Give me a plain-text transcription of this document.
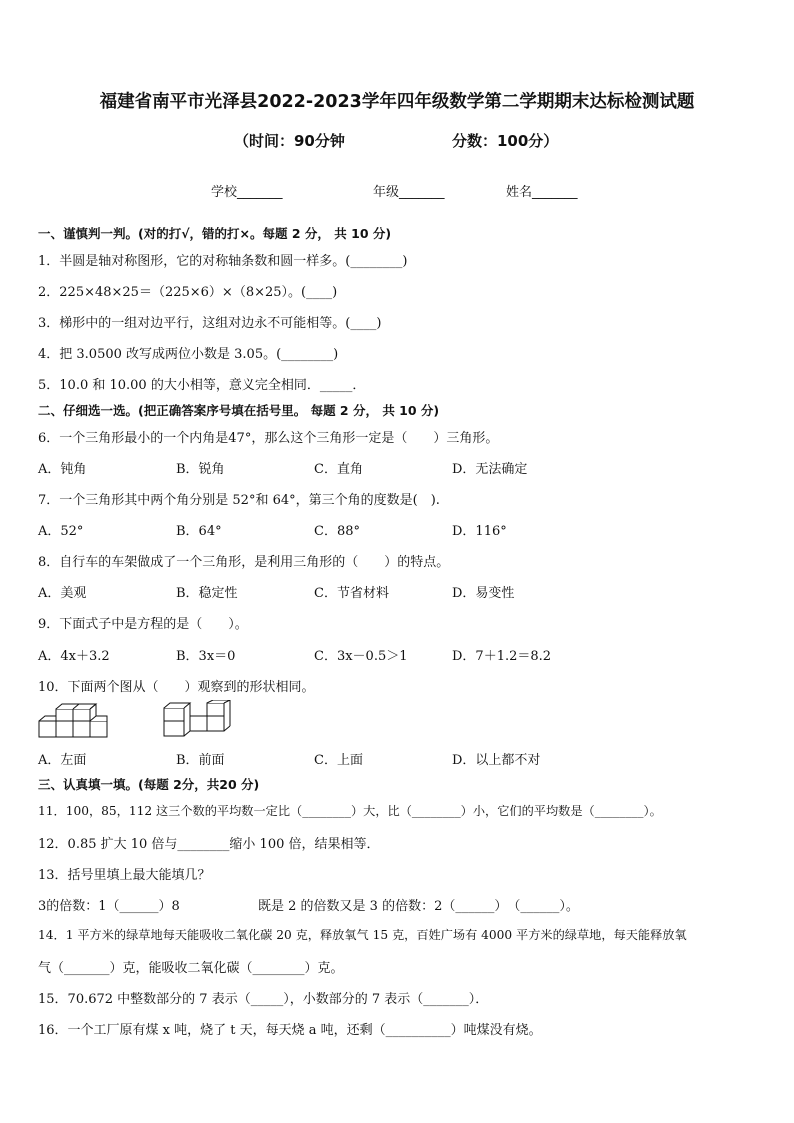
福建省南平市光泽县2022-2023学年四年级数学第二学期期末达标检测试题
（时间：90分钟	分数：100分）
学校_______	年级_______	姓名_______
一、谨慎判一判。(对的打√，错的打×。每题 2 分， 共 10 分)
1．半圆是轴对称图形，它的对称轴条数和圆一样多。(________)
2．225×48×25＝（225×6）×（8×25）。(____)
3．梯形中的一组对边平行，这组对边永不可能相等。(____)
4．把 3.0500 改写成两位小数是 3.05。(________)
5．10.0 和 10.00 的大小相等，意义完全相同．_____．
二、仔细选一选。(把正确答案序号填在括号里。 每题 2 分， 共 10 分)
6．一个三角形最小的一个内角是47°，那么这个三角形一定是（　　）三角形。
A．钝角	B．锐角	C．直角	D．无法确定
7．一个三角形其中两个角分别是 52°和 64°，第三个角的度数是(　).
A．52°	B．64°	C．88°	D．116°
8．自行车的车架做成了一个三角形，是利用三角形的（　　）的特点。
A．美观	B．稳定性	C．节省材料	D．易变性
9．下面式子中是方程的是（　　）。
A．4x＋3.2	B．3x＝0	C．3x－0.5＞1	D．7＋1.2＝8.2
10．下面两个图从（　　）观察到的形状相同。
A．左面	B．前面	C．上面	D．以上都不对
三、认真填一填。(每题 2分，共20 分)
11．100，85，112 这三个数的平均数一定比（________）大，比（________）小，它们的平均数是（________）。
12．0.85 扩大 10 倍与________缩小 100 倍，结果相等．
13．括号里填上最大能填几？
3的倍数：1（______）8	既是 2 的倍数又是 3 的倍数：2（______）　（______）。
14．1 平方米的绿草地每天能吸收二氧化碳 20 克，释放氧气 15 克，百姓广场有 4000 平方米的绿草地，每天能释放氧
气（_______）克，能吸收二氧化碳（________）克。
15．70.672 中整数部分的 7 表示（_____），小数部分的 7 表示（_______）．
16．一个工厂原有煤 x 吨，烧了 t 天，每天烧 a 吨，还剩（__________）吨煤没有烧。
